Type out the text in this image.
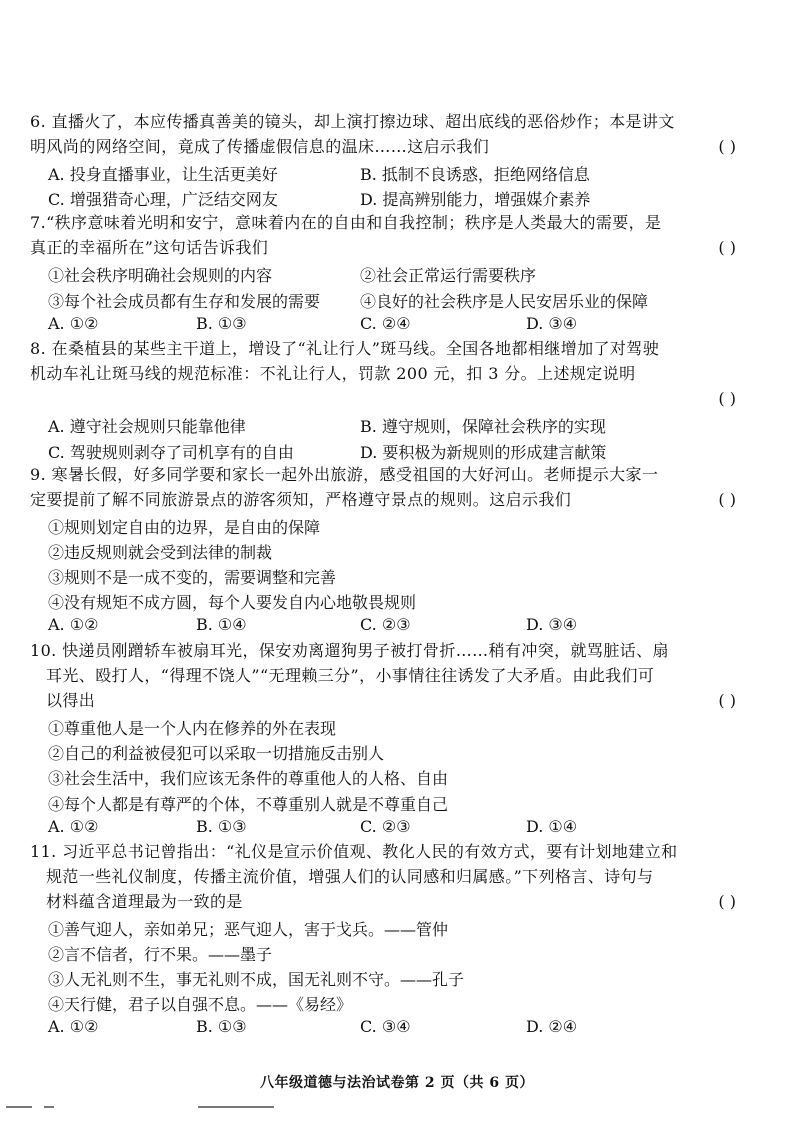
6. 直播火了，本应传播真善美的镜头，却上演打擦边球、超出底线的恶俗炒作；本是讲文
明风尚的网络空间，竟成了传播虚假信息的温床……这启示我们	( )
A. 投身直播事业，让生活更美好	B. 抵制不良诱惑，拒绝网络信息
C. 增强猎奇心理，广泛结交网友	D. 提高辨别能力，增强媒介素养
7.“秩序意味着光明和安宁，意味着内在的自由和自我控制；秩序是人类最大的需要，是
真正的幸福所在”这句话告诉我们	( )
①社会秩序明确社会规则的内容	②社会正常运行需要秩序
③每个社会成员都有生存和发展的需要 ④良好的社会秩序是人民安居乐业的保障
A. ①②	B. ①③	C. ②④	D. ③④
8. 在桑植县的某些主干道上，增设了“礼让行人”斑马线。全国各地都相继增加了对驾驶
机动车礼让斑马线的规范标准：不礼让行人，罚款 200 元，扣 3 分。上述规定说明
( )
A. 遵守社会规则只能靠他律	B. 遵守规则，保障社会秩序的实现
C. 驾驶规则剥夺了司机享有的自由	D. 要积极为新规则的形成建言献策
9. 寒暑长假，好多同学要和家长一起外出旅游，感受祖国的大好河山。老师提示大家一
定要提前了解不同旅游景点的游客须知，严格遵守景点的规则。这启示我们	( )
①规则划定自由的边界，是自由的保障
②违反规则就会受到法律的制裁
③规则不是一成不变的，需要调整和完善
④没有规矩不成方圆，每个人要发自内心地敬畏规则
A. ①②	B. ①④	C. ②③	D. ③④
10. 快递员刚蹭轿车被扇耳光，保安劝离遛狗男子被打骨折……稍有冲突，就骂脏话、扇
耳光、殴打人，“得理不饶人”“无理赖三分”，小事情往往诱发了大矛盾。由此我们可
以得出	( )
①尊重他人是一个人内在修养的外在表现
②自己的利益被侵犯可以采取一切措施反击别人
③社会生活中，我们应该无条件的尊重他人的人格、自由
④每个人都是有尊严的个体，不尊重别人就是不尊重自己
A. ①②	B. ①③	C. ②③	D. ①④
11. 习近平总书记曾指出：“礼仪是宣示价值观、教化人民的有效方式，要有计划地建立和
规范一些礼仪制度，传播主流价值，增强人们的认同感和归属感。”下列格言、诗句与
材料蕴含道理最为一致的是	( )
①善气迎人，亲如弟兄；恶气迎人，害于戈兵。——管仲
②言不信者，行不果。——墨子
③人无礼则不生，事无礼则不成，国无礼则不守。——孔子
④天行健，君子以自强不息。——《易经》
A. ①②	B. ①③	C. ③④	D. ②④
八年级道德与法治试卷第 2 页（共 6 页）
